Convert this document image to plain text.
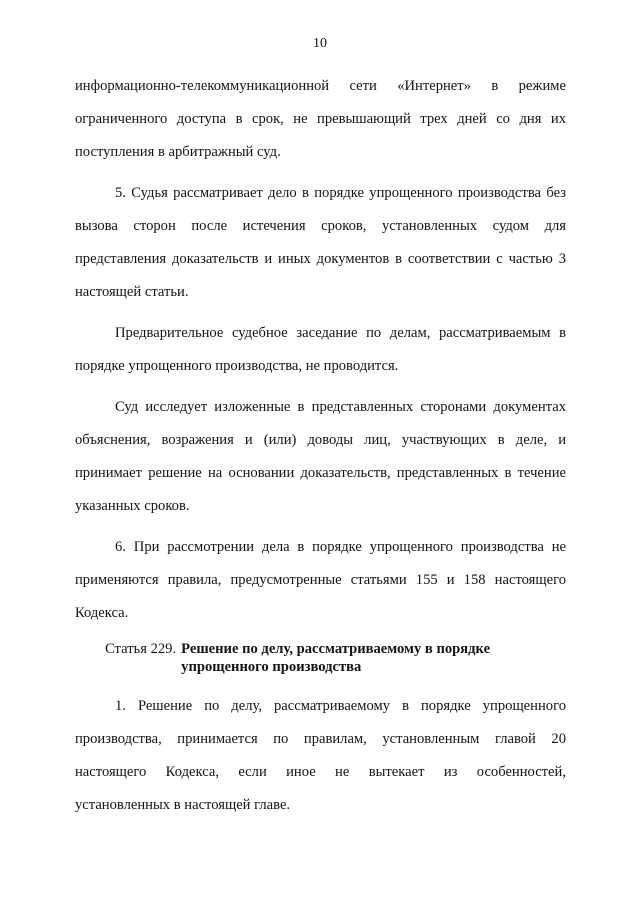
10
информационно-телекоммуникационной сети «Интернет» в режиме
ограниченного доступа в срок, не превышающий трех дней со дня их
поступления в арбитражный суд.
5. Судья рассматривает дело в порядке упрощенного производства без
вызова сторон после истечения сроков, установленных судом для
представления доказательств и иных документов в соответствии с частью 3
настоящей статьи.
Предварительное судебное заседание по делам, рассматриваемым в
порядке упрощенного производства, не проводится.
Суд исследует изложенные в представленных сторонами документах
объяснения, возражения и (или) доводы лиц, участвующих в деле, и
принимает решение на основании доказательств, представленных в течение
указанных сроков.
6. При рассмотрении дела в порядке упрощенного производства не
применяются правила, предусмотренные статьями 155 и 158 настоящего
Кодекса.
Статья 229. Решение по делу, рассматриваемому в порядке
упрощенного производства
1. Решение по делу, рассматриваемому в порядке упрощенного
производства, принимается по правилам, установленным главой 20
настоящего Кодекса, если иное не вытекает из особенностей,
установленных в настоящей главе.
